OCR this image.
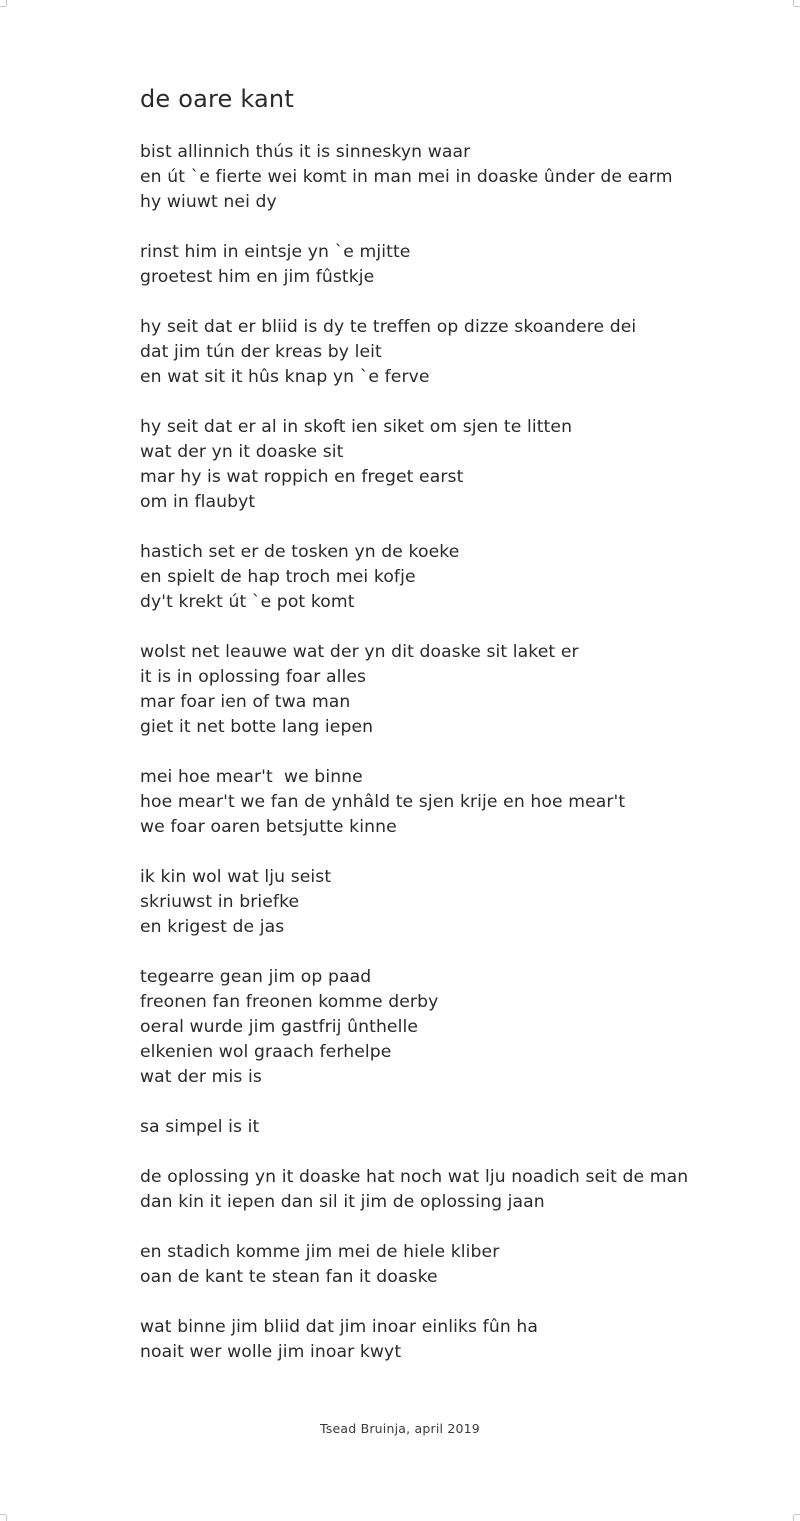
de oare kant
bist allinnich thús it is sinneskyn waar
en út `e fierte wei komt in man mei in doaske ûnder de earm
hy wiuwt nei dy
rinst him in eintsje yn `e mjitte
groetest him en jim fûstkje
hy seit dat er bliid is dy te treffen op dizze skoandere dei
dat jim tún der kreas by leit
en wat sit it hûs knap yn `e ferve
hy seit dat er al in skoft ien siket om sjen te litten
wat der yn it doaske sit
mar hy is wat roppich en freget earst
om in flaubyt
hastich set er de tosken yn de koeke
en spielt de hap troch mei kofje
dy't krekt út `e pot komt
wolst net leauwe wat der yn dit doaske sit laket er
it is in oplossing foar alles
mar foar ien of twa man
giet it net botte lang iepen
mei hoe mear't  we binne
hoe mear't we fan de ynhâld te sjen krije en hoe mear't
we foar oaren betsjutte kinne
ik kin wol wat lju seist
skriuwst in briefke
en krigest de jas
tegearre gean jim op paad
freonen fan freonen komme derby
oeral wurde jim gastfrij ûnthelle
elkenien wol graach ferhelpe
wat der mis is
sa simpel is it
de oplossing yn it doaske hat noch wat lju noadich seit de man
dan kin it iepen dan sil it jim de oplossing jaan
en stadich komme jim mei de hiele kliber
oan de kant te stean fan it doaske
wat binne jim bliid dat jim inoar einliks fûn ha
noait wer wolle jim inoar kwyt
Tsead Bruinja, april 2019
